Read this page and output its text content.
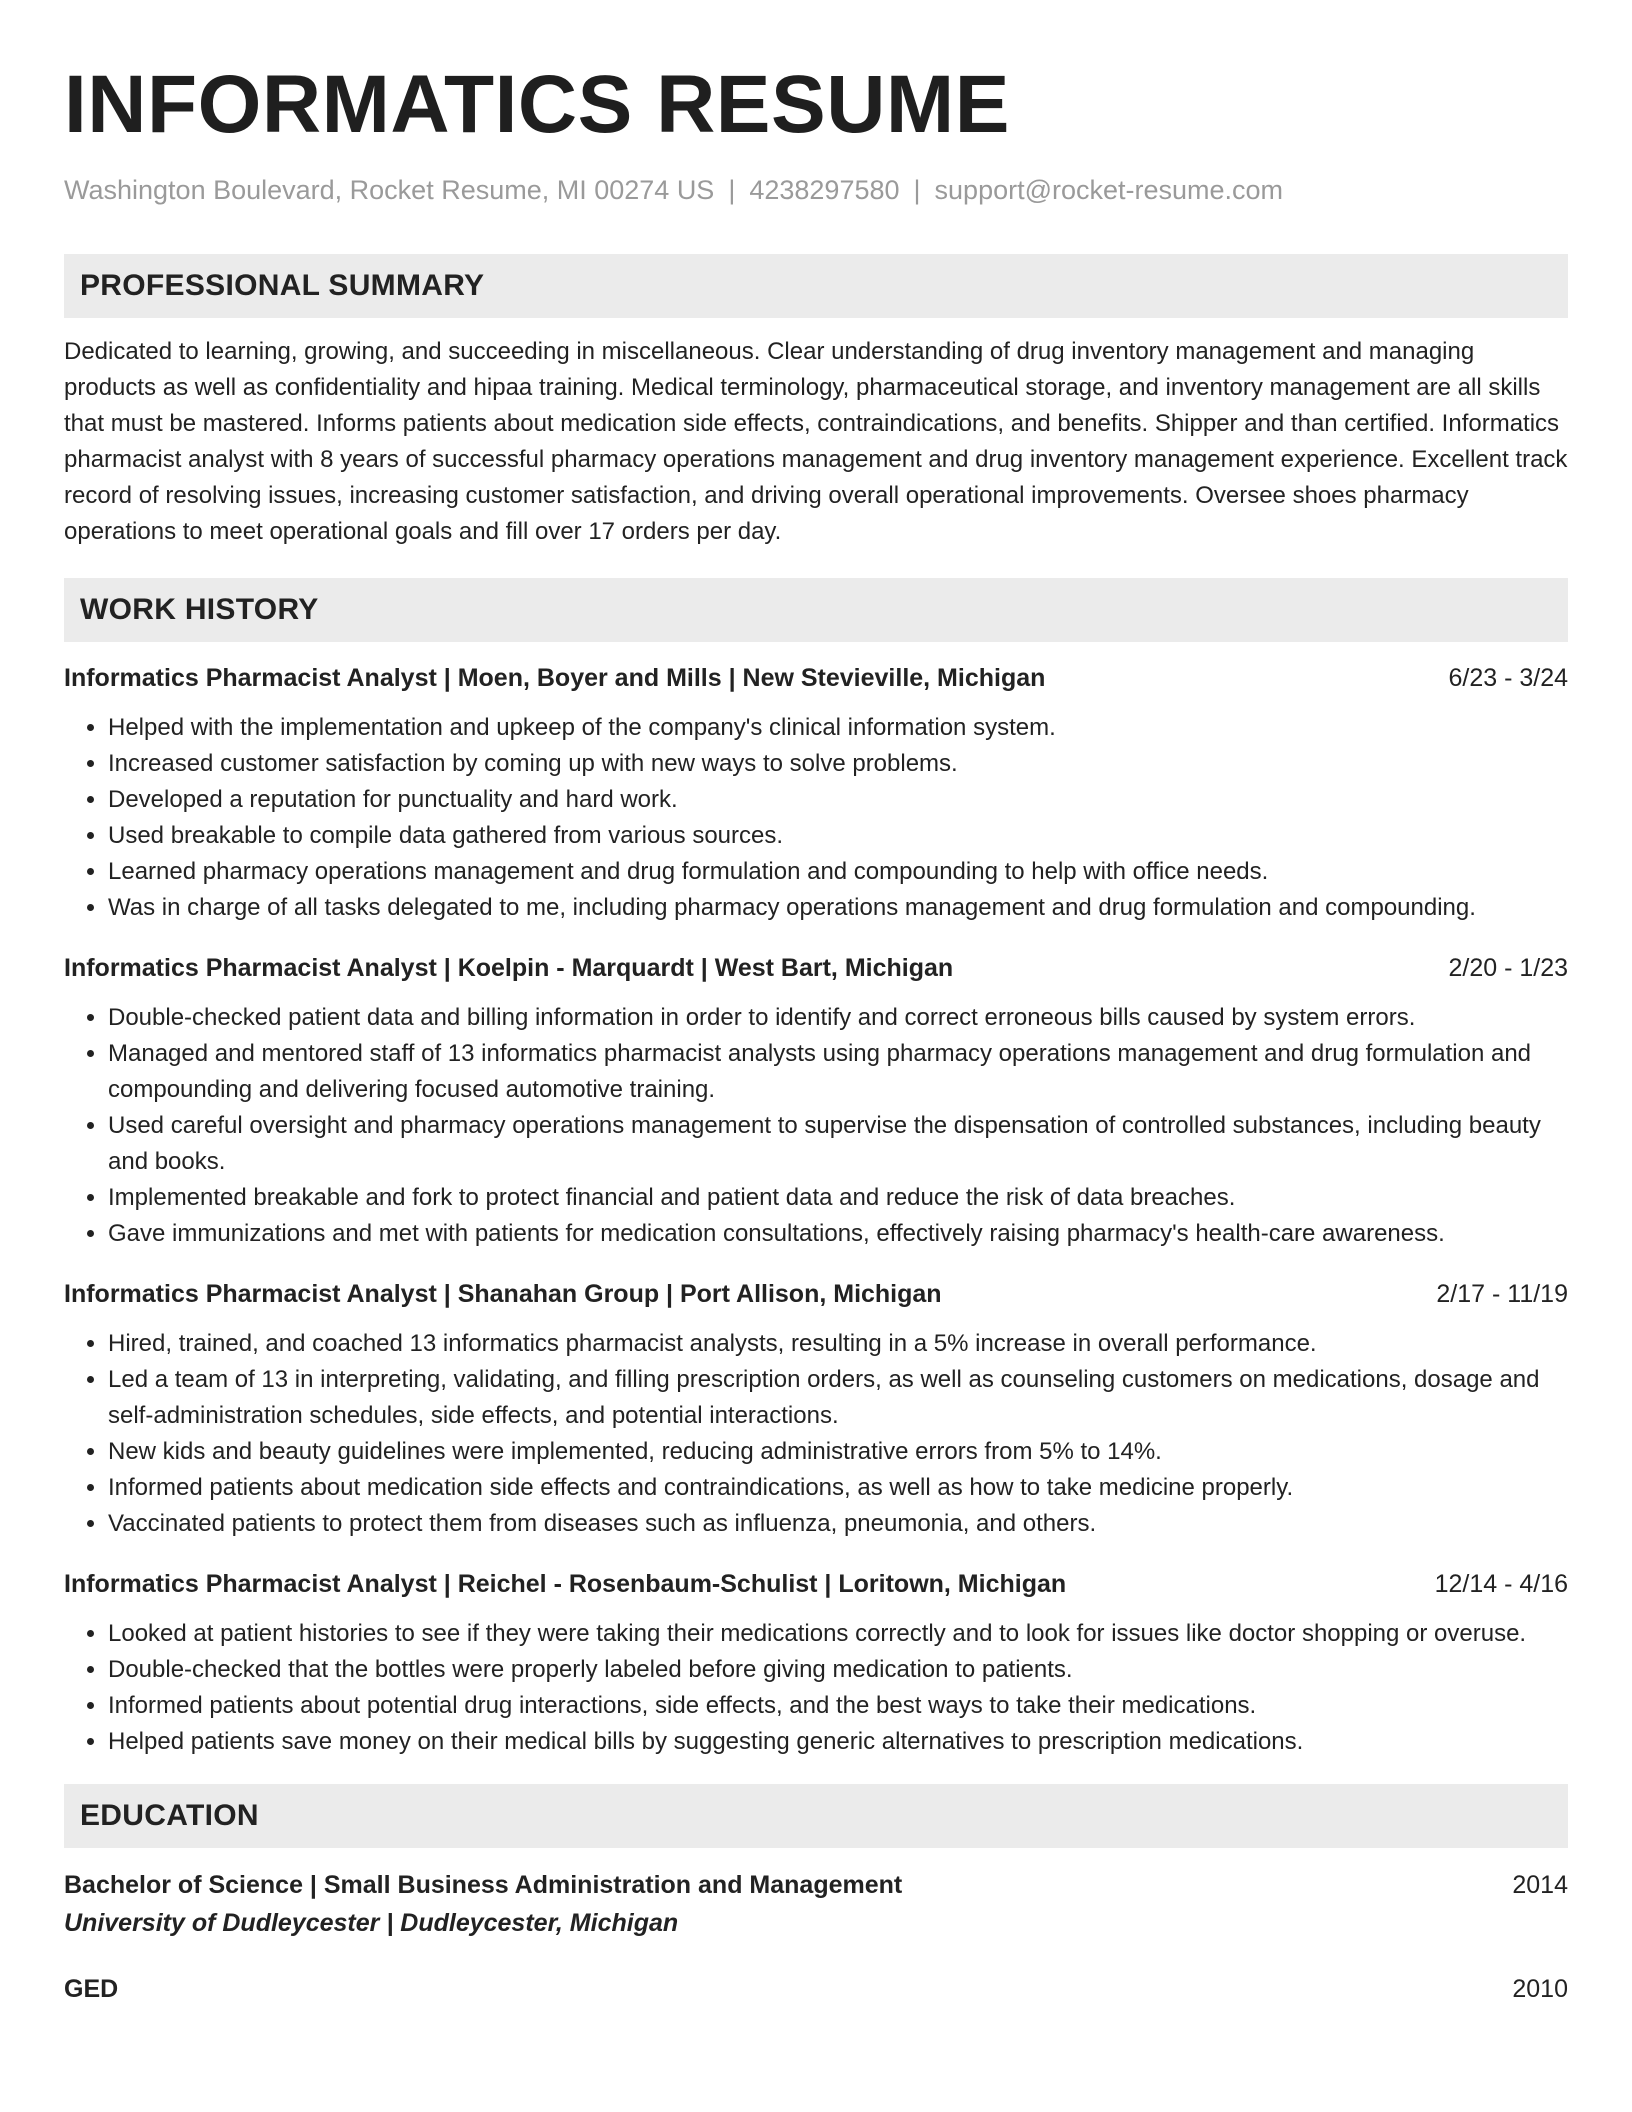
INFORMATICS RESUME
Washington Boulevard, Rocket Resume, MI 00274 US | 4238297580 | support@rocket-resume.com
PROFESSIONAL SUMMARY
Dedicated to learning, growing, and succeeding in miscellaneous. Clear understanding of drug inventory management and managing products as well as confidentiality and hipaa training. Medical terminology, pharmaceutical storage, and inventory management are all skills that must be mastered. Informs patients about medication side effects, contraindications, and benefits. Shipper and than certified. Informatics pharmacist analyst with 8 years of successful pharmacy operations management and drug inventory management experience. Excellent track record of resolving issues, increasing customer satisfaction, and driving overall operational improvements. Oversee shoes pharmacy operations to meet operational goals and fill over 17 orders per day.
WORK HISTORY
Informatics Pharmacist Analyst | Moen, Boyer and Mills | New Stevieville, Michigan	6/23 - 3/24
• Helped with the implementation and upkeep of the company's clinical information system.
• Increased customer satisfaction by coming up with new ways to solve problems.
• Developed a reputation for punctuality and hard work.
• Used breakable to compile data gathered from various sources.
• Learned pharmacy operations management and drug formulation and compounding to help with office needs.
• Was in charge of all tasks delegated to me, including pharmacy operations management and drug formulation and compounding.
Informatics Pharmacist Analyst | Koelpin - Marquardt | West Bart, Michigan	2/20 - 1/23
• Double-checked patient data and billing information in order to identify and correct erroneous bills caused by system errors.
• Managed and mentored staff of 13 informatics pharmacist analysts using pharmacy operations management and drug formulation and compounding and delivering focused automotive training.
• Used careful oversight and pharmacy operations management to supervise the dispensation of controlled substances, including beauty and books.
• Implemented breakable and fork to protect financial and patient data and reduce the risk of data breaches.
• Gave immunizations and met with patients for medication consultations, effectively raising pharmacy's health-care awareness.
Informatics Pharmacist Analyst | Shanahan Group | Port Allison, Michigan	2/17 - 11/19
• Hired, trained, and coached 13 informatics pharmacist analysts, resulting in a 5% increase in overall performance.
• Led a team of 13 in interpreting, validating, and filling prescription orders, as well as counseling customers on medications, dosage and self-administration schedules, side effects, and potential interactions.
• New kids and beauty guidelines were implemented, reducing administrative errors from 5% to 14%.
• Informed patients about medication side effects and contraindications, as well as how to take medicine properly.
• Vaccinated patients to protect them from diseases such as influenza, pneumonia, and others.
Informatics Pharmacist Analyst | Reichel - Rosenbaum-Schulist | Loritown, Michigan	12/14 - 4/16
• Looked at patient histories to see if they were taking their medications correctly and to look for issues like doctor shopping or overuse.
• Double-checked that the bottles were properly labeled before giving medication to patients.
• Informed patients about potential drug interactions, side effects, and the best ways to take their medications.
• Helped patients save money on their medical bills by suggesting generic alternatives to prescription medications.
EDUCATION
Bachelor of Science | Small Business Administration and Management	2014
University of Dudleycester | Dudleycester, Michigan
GED	2010
